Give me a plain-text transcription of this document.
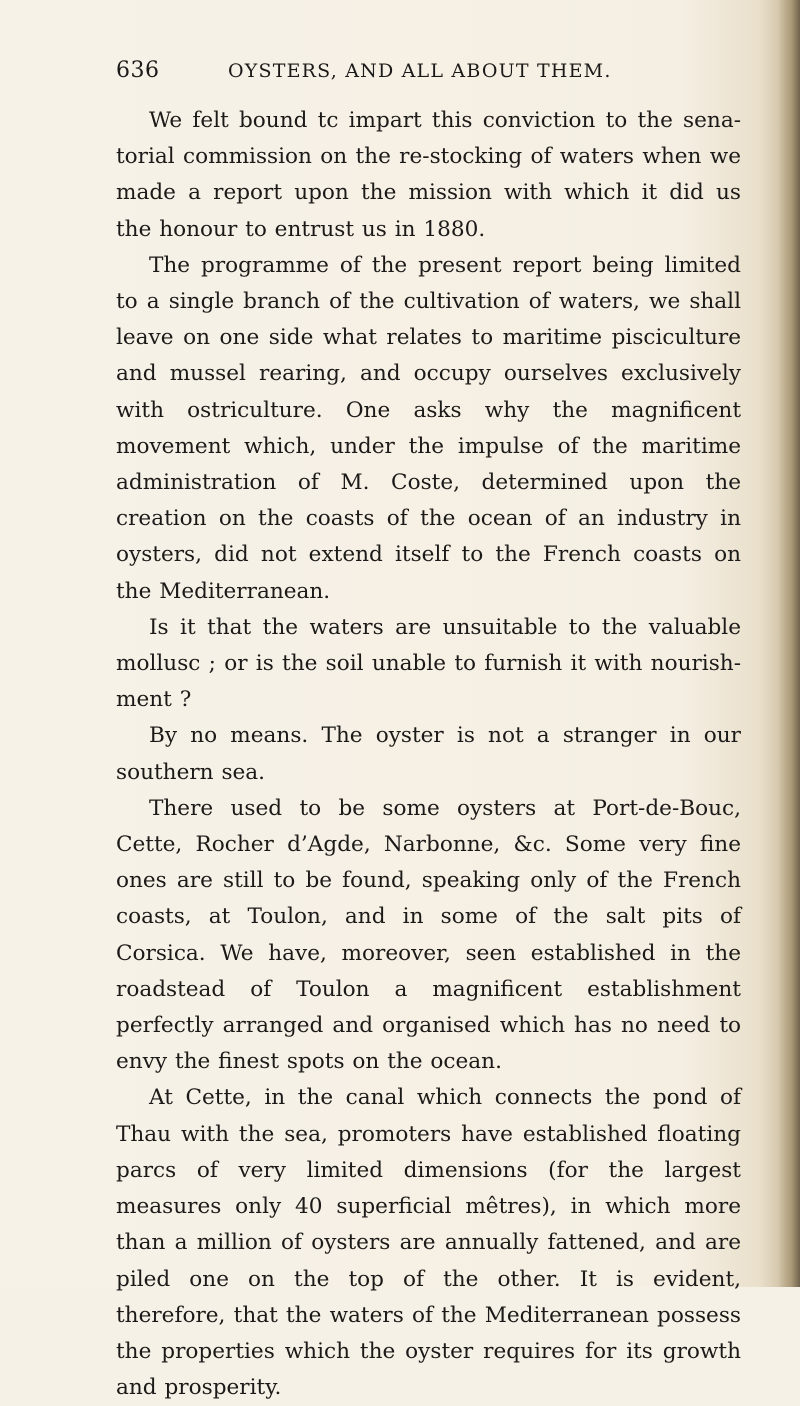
636	OYSTERS, AND ALL ABOUT THEM.

We felt bound tc impart this conviction to the sena-torial commission on the re-stocking of waters when we made a report upon the mission with which it did us the honour to entrust us in 1880.

The programme of the present report being limited to a single branch of the cultivation of waters, we shall leave on one side what relates to maritime pisciculture and mussel rearing, and occupy ourselves exclusively with ostriculture. One asks why the magnificent movement which, under the impulse of the maritime administration of M. Coste, determined upon the creation on the coasts of the ocean of an industry in oysters, did not extend itself to the French coasts on the Mediterranean.

Is it that the waters are unsuitable to the valuable mollusc ; or is the soil unable to furnish it with nourish-ment ?

By no means. The oyster is not a stranger in our southern sea.

There used to be some oysters at Port-de-Bouc, Cette, Rocher d’Agde, Narbonne, &c. Some very fine ones are still to be found, speaking only of the French coasts, at Toulon, and in some of the salt pits of Corsica. We have, moreover, seen established in the roadstead of Toulon a magnificent establishment perfectly arranged and organised which has no need to envy the finest spots on the ocean.

At Cette, in the canal which connects the pond of Thau with the sea, promoters have established floating parcs of very limited dimensions (for the largest measures only 40 superficial mêtres), in which more than a million of oysters are annually fattened, and are piled one on the top of the other. It is evident, therefore, that the waters of the Mediterranean possess the properties which the oyster requires for its growth and prosperity.
